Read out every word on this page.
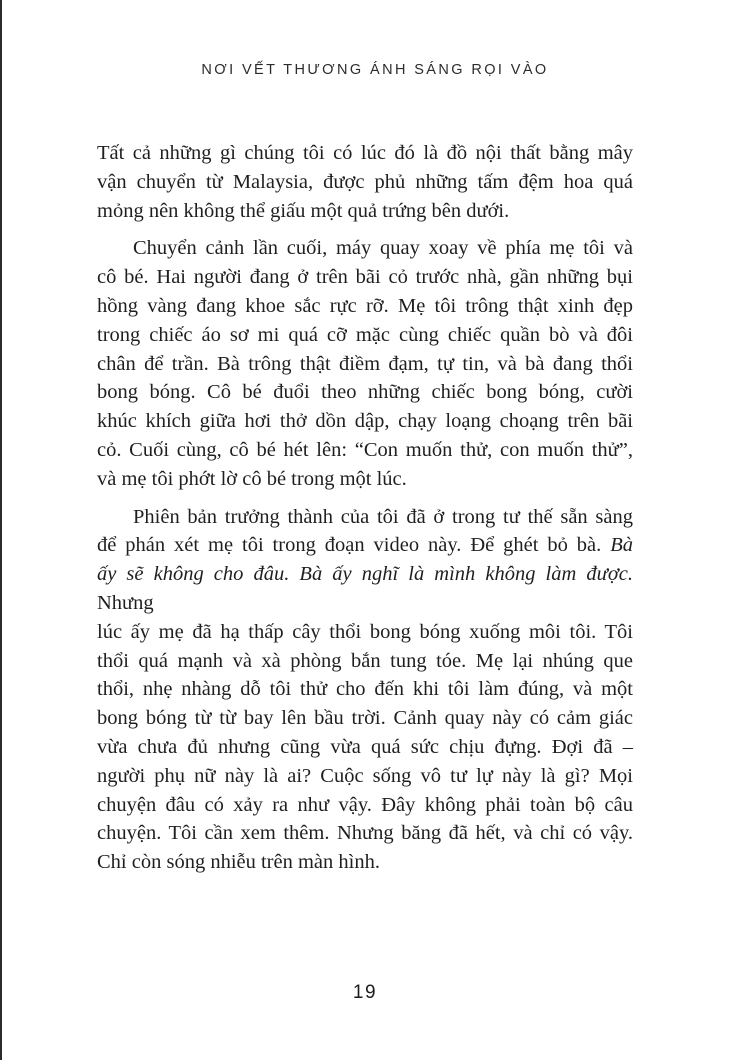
NƠI VẾT THƯƠNG ÁNH SÁNG RỌI VÀO
Tất cả những gì chúng tôi có lúc đó là đồ nội thất bằng mây
vận chuyển từ Malaysia, được phủ những tấm đệm hoa quá
mỏng nên không thể giấu một quả trứng bên dưới.
Chuyển cảnh lần cuối, máy quay xoay về phía mẹ tôi và
cô bé. Hai người đang ở trên bãi cỏ trước nhà, gần những bụi
hồng vàng đang khoe sắc rực rỡ. Mẹ tôi trông thật xinh đẹp
trong chiếc áo sơ mi quá cỡ mặc cùng chiếc quần bò và đôi
chân để trần. Bà trông thật điềm đạm, tự tin, và bà đang thổi
bong bóng. Cô bé đuổi theo những chiếc bong bóng, cười
khúc khích giữa hơi thở dồn dập, chạy loạng choạng trên bãi
cỏ. Cuối cùng, cô bé hét lên: “Con muốn thử, con muốn thử”,
và mẹ tôi phớt lờ cô bé trong một lúc.
Phiên bản trưởng thành của tôi đã ở trong tư thế sẵn sàng
để phán xét mẹ tôi trong đoạn video này. Để ghét bỏ bà. Bà
ấy sẽ không cho đâu. Bà ấy nghĩ là mình không làm được. Nhưng
lúc ấy mẹ đã hạ thấp cây thổi bong bóng xuống môi tôi. Tôi
thổi quá mạnh và xà phòng bắn tung tóe. Mẹ lại nhúng que
thổi, nhẹ nhàng dỗ tôi thử cho đến khi tôi làm đúng, và một
bong bóng từ từ bay lên bầu trời. Cảnh quay này có cảm giác
vừa chưa đủ nhưng cũng vừa quá sức chịu đựng. Đợi đã –
người phụ nữ này là ai? Cuộc sống vô tư lự này là gì? Mọi
chuyện đâu có xảy ra như vậy. Đây không phải toàn bộ câu
chuyện. Tôi cần xem thêm. Nhưng băng đã hết, và chỉ có vậy.
Chỉ còn sóng nhiễu trên màn hình.
19
